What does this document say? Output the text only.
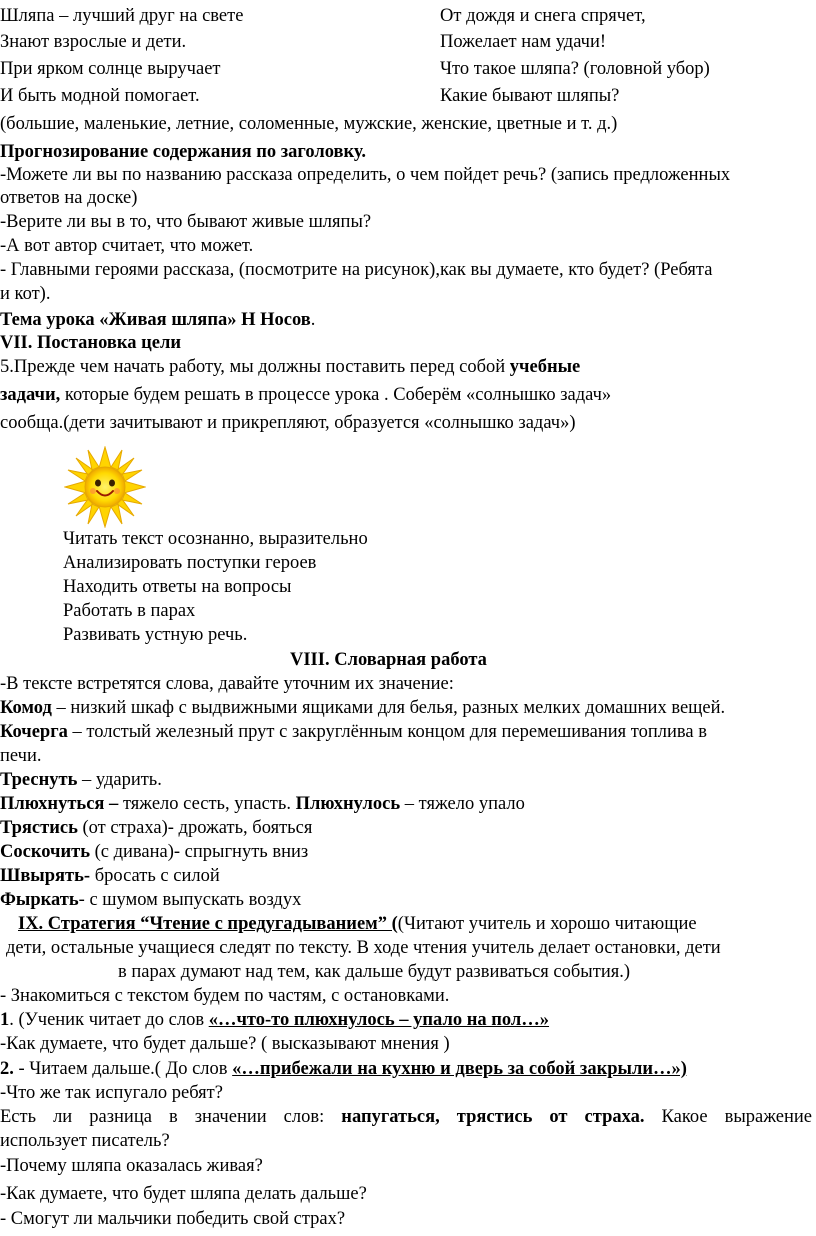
Шляпа – лучший друг на свете
Знают взрослые и дети.
При ярком солнце выручает
И быть модной помогает.
От дождя и снега спрячет,
Пожелает нам удачи!
Что такое шляпа? (головной убор)
Какие бывают шляпы?
(большие, маленькие, летние, соломенные, мужские, женские, цветные и т. д.)
Прогнозирование содержания по заголовку.
-Можете ли вы по названию рассказа определить, о чем пойдет речь? (запись предложенных
ответов на доске)
-Верите ли вы в то, что бывают живые шляпы?
-А вот автор считает, что может.
- Главными героями рассказа, (посмотрите на рисунок),как вы думаете, кто будет? (Ребята
и кот).
Тема урока «Живая шляпа» Н Носов.
VII. Постановка цели
5.Прежде чем начать работу, мы должны поставить перед собой учебные
задачи, которые будем решать в процессе урока . Соберём «солнышко задач»
сообща.(дети зачитывают и прикрепляют, образуется «солнышко задач»)
Читать текст осознанно, выразительно
Анализировать поступки героев
Находить ответы на вопросы
Работать в парах
Развивать устную речь.
VIII. Словарная работа
-В тексте встретятся слова, давайте уточним их значение:
Комод – низкий шкаф с выдвижными ящиками для белья, разных мелких домашних вещей.
Кочерга – толстый железный прут с закруглённым концом для перемешивания топлива в
печи.
Треснуть – ударить.
Плюхнуться – тяжело сесть, упасть. Плюхнулось – тяжело упало
Трястись (от страха)- дрожать, бояться
Соскочить (с дивана)- спрыгнуть вниз
Швырять- бросать с силой
Фыркать- с шумом выпускать воздух
IX. Стратегия “Чтение с предугадыванием” ((Читают учитель и хорошо читающие
дети, остальные учащиеся следят по тексту. В ходе чтения учитель делает остановки, дети
в парах думают над тем, как дальше будут развиваться события.)
- Знакомиться с текстом будем по частям, с остановками.
1. (Ученик читает до слов «…что-то плюхнулось – упало на пол…»
-Как думаете, что будет дальше? ( высказывают мнения )
2. - Читаем дальше.( До слов «…прибежали на кухню и дверь за собой закрыли…»)
-Что же так испугало ребят?
Есть ли разница в значении слов: напугаться, трястись от страха. Какое выражение
использует писатель?
-Почему шляпа оказалась живая?
-Как думаете, что будет шляпа делать дальше?
- Смогут ли мальчики победить свой страх?
